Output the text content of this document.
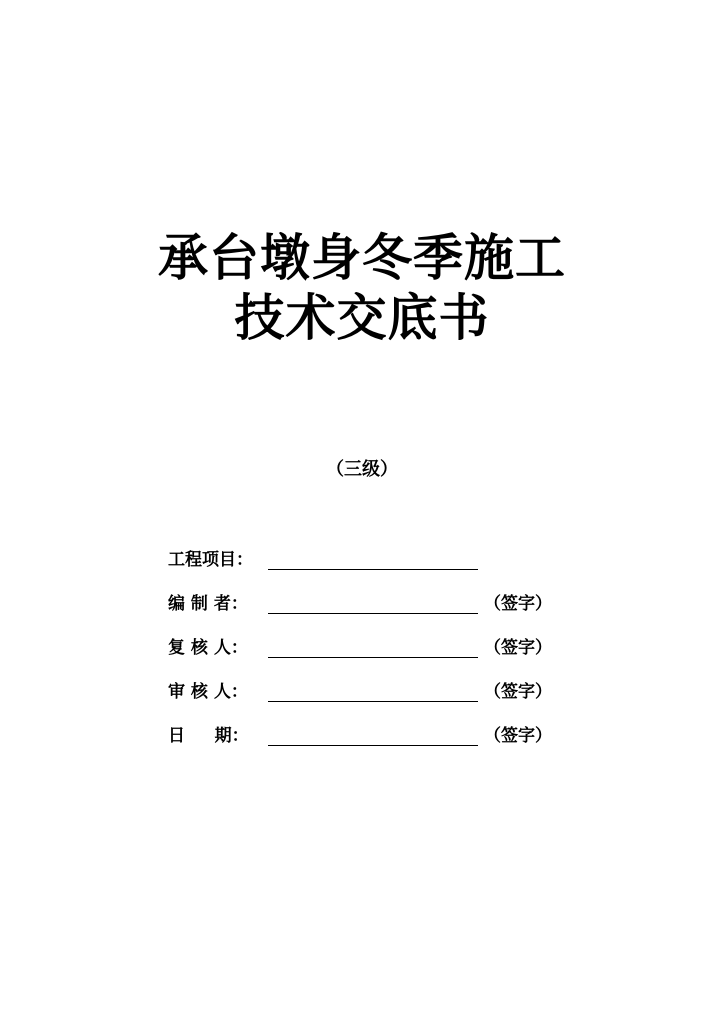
承台墩身冬季施工
技术交底书
（三级）
工程项目：
编 制 者：	（签字）
复 核 人：	（签字）
审 核 人：	（签字）
日     期：	（签字）
